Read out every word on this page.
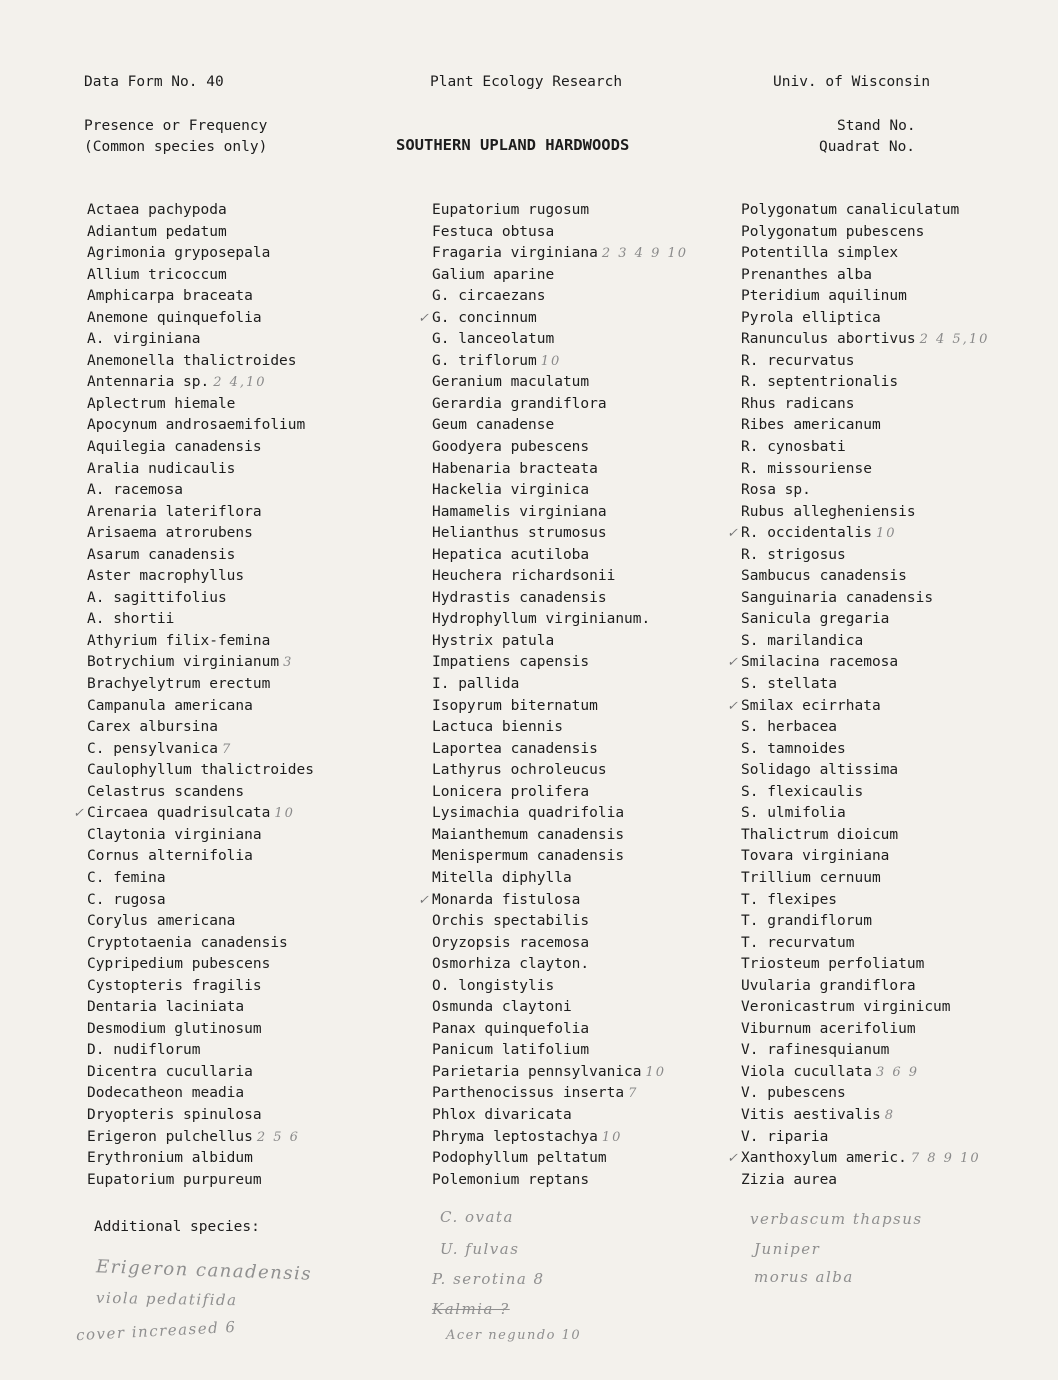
Data Form No. 40	Plant Ecology Research	Univ. of Wisconsin
Presence or Frequency
(Common species only)	SOUTHERN UPLAND HARDWOODS
Stand No.
Quadrat No.
Actaea pachypoda
Adiantum pedatum
Agrimonia gryposepala
Allium tricoccum
Amphicarpa braceata
Anemone quinquefolia
A. virginiana
Anemonella thalictroides
Antennaria sp. 2 4,10
Aplectrum hiemale
Apocynum androsaemifolium
Aquilegia canadensis
Aralia nudicaulis
A. racemosa
Arenaria lateriflora
Arisaema atrorubens
Asarum canadensis
Aster macrophyllus
A. sagittifolius
A. shortii
Athyrium filix-femina
Botrychium virginianum 3
Brachyelytrum erectum
Campanula americana
Carex albursina
C. pensylvanica 7
Caulophyllum thalictroides
Celastrus scandens
✓ Circaea quadrisulcata 10
Claytonia virginiana
Cornus alternifolia
C. femina
C. rugosa
Corylus americana
Cryptotaenia canadensis
Cypripedium pubescens
Cystopteris fragilis
Dentaria laciniata
Desmodium glutinosum
D. nudiflorum
Dicentra cucullaria
Dodecatheon meadia
Dryopteris spinulosa
Erigeron pulchellus 2 5 6
Erythronium albidum
Eupatorium purpureum
Eupatorium rugosum
Festuca obtusa
Fragaria virginiana 2 3 4 9 10
Galium aparine
G. circaezans
✓ G. concinnum
G. lanceolatum
G. triflorum 10
Geranium maculatum
Gerardia grandiflora
Geum canadense
Goodyera pubescens
Habenaria bracteata
Hackelia virginica
Hamamelis virginiana
Helianthus strumosus
Hepatica acutiloba
Heuchera richardsonii
Hydrastis canadensis
Hydrophyllum virginianum.
Hystrix patula
Impatiens capensis
I. pallida
Isopyrum biternatum
Lactuca biennis
Laportea canadensis
Lathyrus ochroleucus
Lonicera prolifera
Lysimachia quadrifolia
Maianthemum canadensis
Menispermum canadensis
Mitella diphylla
✓ Monarda fistulosa
Orchis spectabilis
Oryzopsis racemosa
Osmorhiza clayton.
O. longistylis
Osmunda claytoni
Panax quinquefolia
Panicum latifolium
Parietaria pennsylvanica 10
Parthenocissus inserta 7
Phlox divaricata
Phryma leptostachya 10
Podophyllum peltatum
Polemonium reptans
Polygonatum canaliculatum
Polygonatum pubescens
Potentilla simplex
Prenanthes alba
Pteridium aquilinum
Pyrola elliptica
Ranunculus abortivus 2 4 5,10
R. recurvatus
R. septentrionalis
Rhus radicans
Ribes americanum
R. cynosbati
R. missouriense
Rosa sp.
Rubus allegheniensis
✓ R. occidentalis 10
R. strigosus
Sambucus canadensis
Sanguinaria canadensis
Sanicula gregaria
S. marilandica
✓ Smilacina racemosa
S. stellata
✓ Smilax ecirrhata
S. herbacea
S. tamnoides
Solidago altissima
S. flexicaulis
S. ulmifolia
Thalictrum dioicum
Tovara virginiana
Trillium cernuum
T. flexipes
T. grandiflorum
T. recurvatum
Triosteum perfoliatum
Uvularia grandiflora
Veronicastrum virginicum
Viburnum acerifolium
V. rafinesquianum
Viola cucullata 3 6 9
V. pubescens
Vitis aestivalis 8
V. riparia
✓ Xanthoxylum americ. 7 8 9 10
Zizia aurea
Additional species:
Erigeron canadensis
viola pedatifida
cover increased 6
C. ovata
U. fulvas
P. serotina 8
Kalmia ?
Acer negundo 10
verbascum thapsus
Juniper
morus alba
